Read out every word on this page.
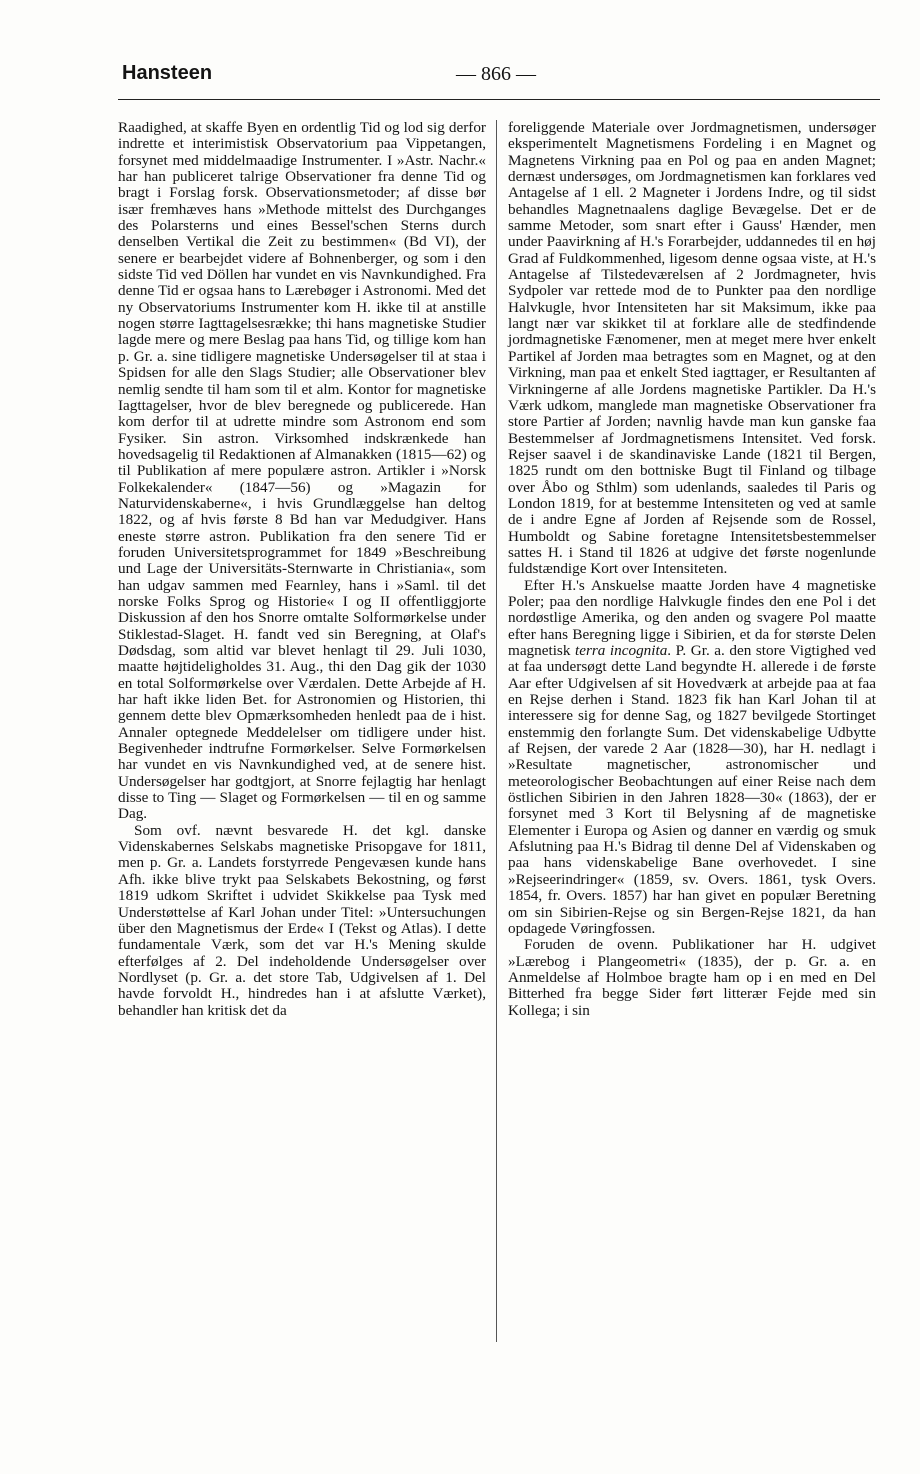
Hansteen	— 866 —

Raadighed, at skaffe Byen en ordentlig Tid og lod sig derfor indrette et interimistisk Observatorium paa Vippetangen, forsynet med middelmaadige Instrumenter. I »Astr. Nachr.« har han publiceret talrige Observationer fra denne Tid og bragt i Forslag forsk. Observationsmetoder; af disse bør især fremhæves hans »Methode mittelst des Durchganges des Polarsterns und eines Bessel'schen Sterns durch denselben Vertikal die Zeit zu bestimmen« (Bd VI), der senere er bearbejdet videre af Bohnenberger, og som i den sidste Tid ved Döllen har vundet en vis Navnkundighed. Fra denne Tid er ogsaa hans to Lærebøger i Astronomi. Med det ny Observatoriums Instrumenter kom H. ikke til at anstille nogen større Iagttagelsesrække; thi hans magnetiske Studier lagde mere og mere Beslag paa hans Tid, og tillige kom han p. Gr. a. sine tidligere magnetiske Undersøgelser til at staa i Spidsen for alle den Slags Studier; alle Observationer blev nemlig sendte til ham som til et alm. Kontor for magnetiske Iagttagelser, hvor de blev beregnede og publicerede. Han kom derfor til at udrette mindre som Astronom end som Fysiker. Sin astron. Virksomhed indskrænkede han hovedsagelig til Redaktionen af Almanakken (1815—62) og til Publikation af mere populære astron. Artikler i »Norsk Folkekalender« (1847—56) og »Magazin for Naturvidenskaberne«, i hvis Grundlæggelse han deltog 1822, og af hvis første 8 Bd han var Medudgiver. Hans eneste større astron. Publikation fra den senere Tid er foruden Universitetsprogrammet for 1849 »Beschreibung und Lage der Universitäts-Sternwarte in Christiania«, som han udgav sammen med Fearnley, hans i »Saml. til det norske Folks Sprog og Historie« I og II offentliggjorte Diskussion af den hos Snorre omtalte Solformørkelse under Stiklestad-Slaget. H. fandt ved sin Beregning, at Olaf's Dødsdag, som altid var blevet henlagt til 29. Juli 1030, maatte højtideligholdes 31. Aug., thi den Dag gik der 1030 en total Solformørkelse over Værdalen. Dette Arbejde af H. har haft ikke liden Bet. for Astronomien og Historien, thi gennem dette blev Opmærksomheden henledt paa de i hist. Annaler optegnede Meddelelser om tidligere under hist. Begivenheder indtrufne Formørkelser. Selve Formørkelsen har vundet en vis Navnkundighed ved, at de senere hist. Undersøgelser har godtgjort, at Snorre fejlagtig har henlagt disse to Ting — Slaget og Formørkelsen — til en og samme Dag.

Som ovf. nævnt besvarede H. det kgl. danske Videnskabernes Selskabs magnetiske Prisopgave for 1811, men p. Gr. a. Landets forstyrrede Pengevæsen kunde hans Afh. ikke blive trykt paa Selskabets Bekostning, og først 1819 udkom Skriftet i udvidet Skikkelse paa Tysk med Understøttelse af Karl Johan under Titel: »Untersuchungen über den Magnetismus der Erde« I (Tekst og Atlas). I dette fundamentale Værk, som det var H.'s Mening skulde efterfølges af 2. Del indeholdende Undersøgelser over Nordlyset (p. Gr. a. det store Tab, Udgivelsen af 1. Del havde forvoldt H., hindredes han i at afslutte Værket), behandler han kritisk det da

foreliggende Materiale over Jordmagnetismen, undersøger eksperimentelt Magnetismens Fordeling i en Magnet og Magnetens Virkning paa en Pol og paa en anden Magnet; dernæst undersøges, om Jordmagnetismen kan forklares ved Antagelse af 1 ell. 2 Magneter i Jordens Indre, og til sidst behandles Magnetnaalens daglige Bevægelse. Det er de samme Metoder, som snart efter i Gauss' Hænder, men under Paavirkning af H.'s Forarbejder, uddannedes til en høj Grad af Fuldkommenhed, ligesom denne ogsaa viste, at H.'s Antagelse af Tilstedeværelsen af 2 Jordmagneter, hvis Sydpoler var rettede mod de to Punkter paa den nordlige Halvkugle, hvor Intensiteten har sit Maksimum, ikke paa langt nær var skikket til at forklare alle de stedfindende jordmagnetiske Fænomener, men at meget mere hver enkelt Partikel af Jorden maa betragtes som en Magnet, og at den Virkning, man paa et enkelt Sted iagttager, er Resultanten af Virkningerne af alle Jordens magnetiske Partikler. Da H.'s Værk udkom, manglede man magnetiske Observationer fra store Partier af Jorden; navnlig havde man kun ganske faa Bestemmelser af Jordmagnetismens Intensitet. Ved forsk. Rejser saavel i de skandinaviske Lande (1821 til Bergen, 1825 rundt om den bottniske Bugt til Finland og tilbage over Åbo og Sthlm) som udenlands, saaledes til Paris og London 1819, for at bestemme Intensiteten og ved at samle de i andre Egne af Jorden af Rejsende som de Rossel, Humboldt og Sabine foretagne Intensitetsbestemmelser sattes H. i Stand til 1826 at udgive det første nogenlunde fuldstændige Kort over Intensiteten.

Efter H.'s Anskuelse maatte Jorden have 4 magnetiske Poler; paa den nordlige Halvkugle findes den ene Pol i det nordøstlige Amerika, og den anden og svagere Pol maatte efter hans Beregning ligge i Sibirien, et da for største Delen magnetisk terra incognita. P. Gr. a. den store Vigtighed ved at faa undersøgt dette Land begyndte H. allerede i de første Aar efter Udgivelsen af sit Hovedværk at arbejde paa at faa en Rejse derhen i Stand. 1823 fik han Karl Johan til at interessere sig for denne Sag, og 1827 bevilgede Stortinget enstemmig den forlangte Sum. Det videnskabelige Udbytte af Rejsen, der varede 2 Aar (1828—30), har H. nedlagt i »Resultate magnetischer, astronomischer und meteorologischer Beobachtungen auf einer Reise nach dem östlichen Sibirien in den Jahren 1828—30« (1863), der er forsynet med 3 Kort til Belysning af de magnetiske Elementer i Europa og Asien og danner en værdig og smuk Afslutning paa H.'s Bidrag til denne Del af Videnskaben og paa hans videnskabelige Bane overhovedet. I sine »Rejseerindringer« (1859, sv. Overs. 1861, tysk Overs. 1854, fr. Overs. 1857) har han givet en populær Beretning om sin Sibirien-Rejse og sin Bergen-Rejse 1821, da han opdagede Vøringfossen.

Foruden de ovenn. Publikationer har H. udgivet »Lærebog i Plangeometri« (1835), der p. Gr. a. en Anmeldelse af Holmboe bragte ham op i en med en Del Bitterhed fra begge Sider ført litterær Fejde med sin Kollega; i sin
